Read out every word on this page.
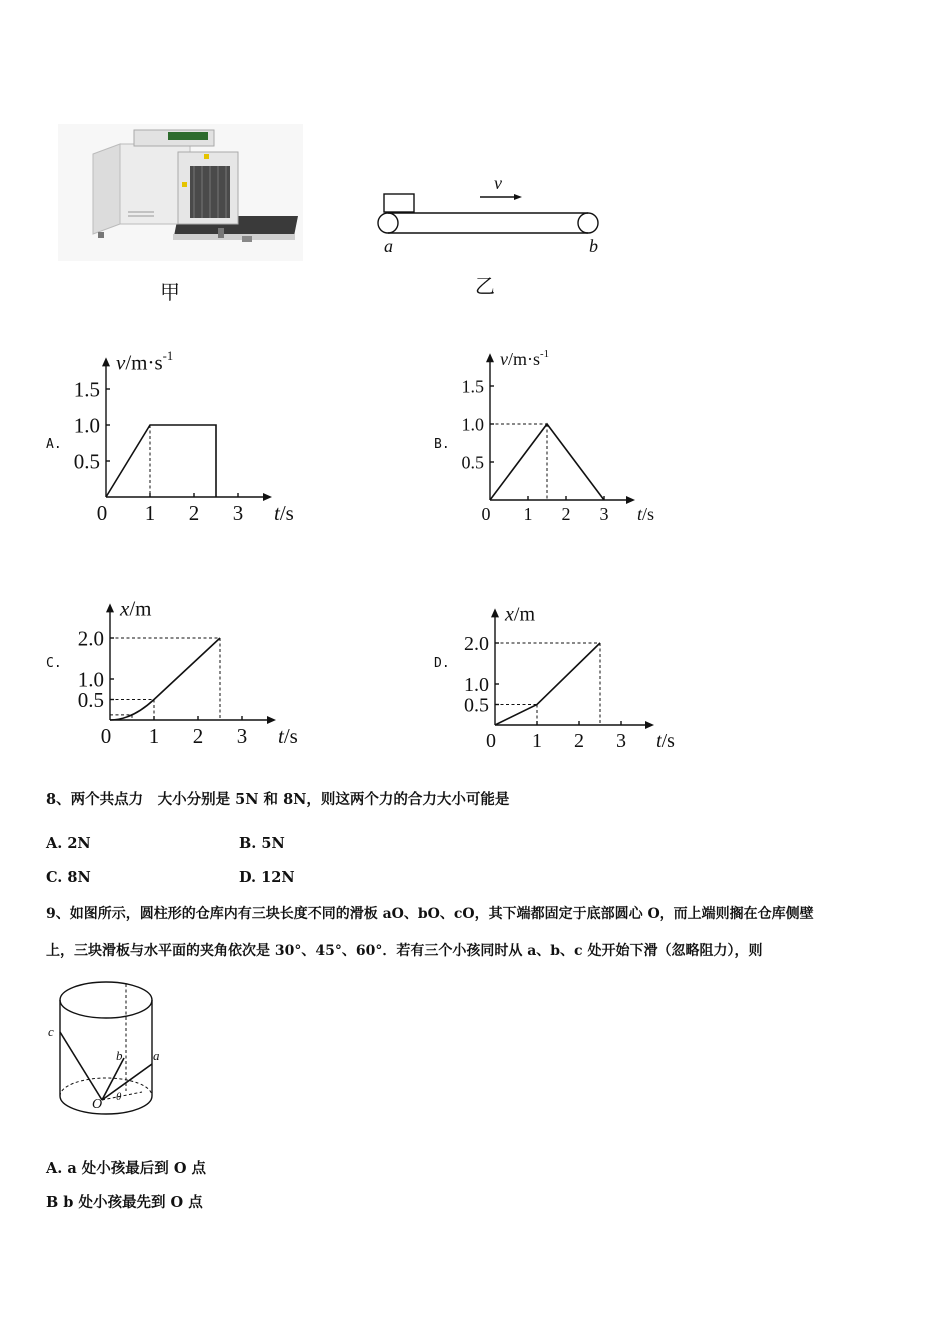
甲
v
a	b
乙
A.
1.5
1.0
0.5
0 1 2 3
$v/m\cdot s^{-1}$
t/s
B.
1.5
1.0
0.5
0 1 2 3
$v/m\cdot s^{-1}$
t/s
C.
2.0
1.0
0.5
0 1 2 3
x/m
t/s
D.
2.0
1.0
0.5
0 1 2 3
x/m
t/s
8、两个共点力　大小分别是 5N 和 8N，则这两个力的合力大小可能是
A. 2N	B. 5N
C. 8N	D. 12N
9、如图所示，圆柱形的仓库内有三块长度不同的滑板 aO、bO、cO，其下端都固定于底部圆心 O，而上端则搁在仓库侧壁
上，三块滑板与水平面的夹角依次是 30°、45°、60°．若有三个小孩同时从 a、b、c 处开始下滑（忽略阻力），则
c
b a
O θ
A. a 处小孩最后到 O 点
B b 处小孩最先到 O 点
